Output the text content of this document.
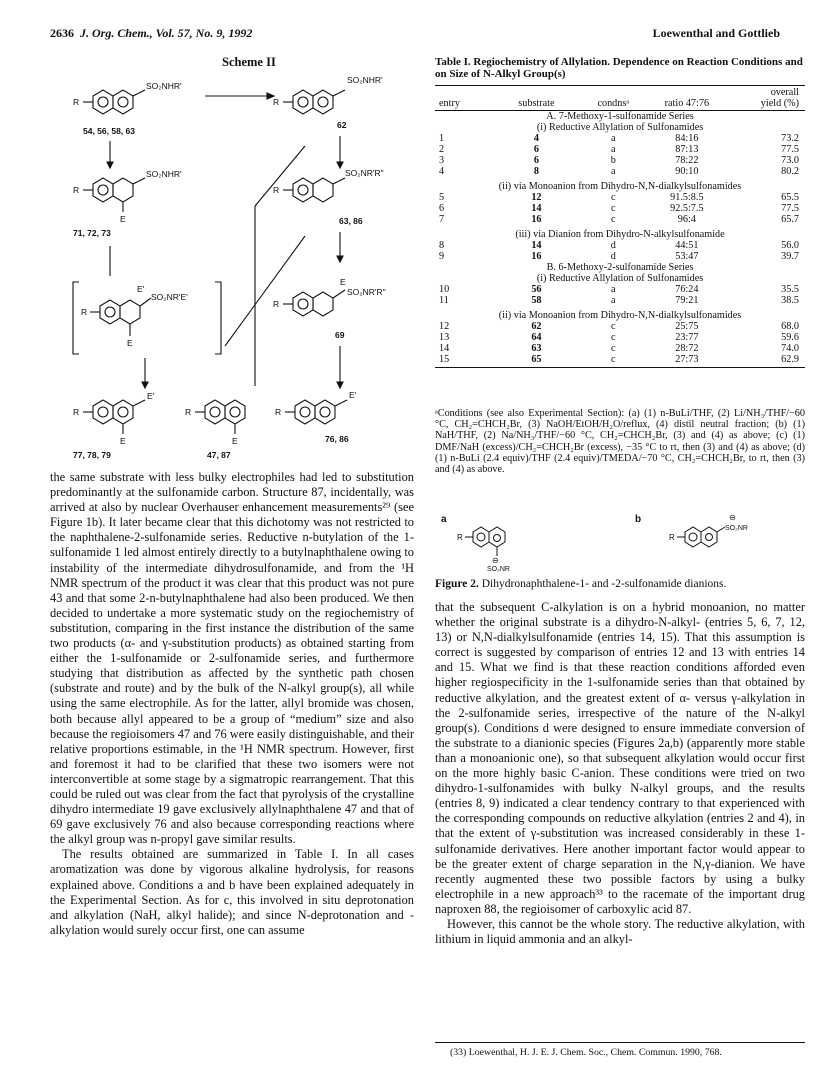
2636 J. Org. Chem., Vol. 57, No. 9, 1992	Loewenthal and Gottlieb
Scheme II
R
SO₂NHR'
54, 56, 58, 63
R
SO₂NHR'
62
R
SO₂NHR'
E
71, 72, 73
R
SO₂NR'R"
63, 86
R
E'
SO₂NR'E'
E
R
E
SO₂NR'R"
69
R
E'
E
77, 78, 79
R
E
47, 87
R
E'
76, 86

the same substrate with less bulky electrophiles had led to substitution predominantly at the sulfonamide carbon. Structure 87, incidentally, was arrived at also by nuclear Overhauser enhancement measurements²⁹ (see Figure 1b). It later became clear that this dichotomy was not restricted to the naphthalene-2-sulfonamide series. Reductive n-butylation of the 1-sulfonamide 1 led almost entirely directly to a butylnaphthalene owing to instability of the intermediate dihydrosulfonamide, and from the ¹H NMR spectrum of the product it was clear that this product was not pure 43 and that some 2-n-butylnaphthalene had also been produced. We then decided to undertake a more systematic study on the regiochemistry of substitution, comparing in the first instance the distribution of the same two products (α- and γ-substitution products) as obtained starting from either the 1-sulfonamide or 2-sulfonamide series, and furthermore studying that distribution as affected by the synthetic path chosen (substrate and route) and by the bulk of the N-alkyl group(s), all while using the same electrophile. As for the latter, allyl bromide was chosen, both because allyl appeared to be a group of “medium” size and also because the regioisomers 47 and 76 were easily distinguishable, and their relative proportions estimable, in the ¹H NMR spectrum. However, first and foremost it had to be clarified that these two isomers were not interconvertible at some stage by a sigmatropic rearrangement. That this could be ruled out was clear from the fact that pyrolysis of the crystalline dihydro intermediate 19 gave exclusively allylnaphthalene 47 and that of 69 gave exclusively 76 and also because corresponding reactions where the alkyl group was n-propyl gave similar results.

The results obtained are summarized in Table I. In all cases aromatization was done by vigorous alkaline hydrolysis, for reasons explained above. Conditions a and b have been explained adequately in the Experimental Section. As for c, this involved in situ deprotonation and alkylation (NaH, alkyl halide); and since N-deprotonation and -alkylation would surely occur first, one can assume

Table I. Regiochemistry of Allylation. Dependence on Reaction Conditions and on Size of N-Alkyl Group(s)
overall
entry	substrate	condnsᵃ	ratio 47:76	yield (%)
A. 7-Methoxy-1-sulfonamide Series				
(i) Reductive Allylation of Sulfonamides				
1	4	a	84:16	73.2
2	6	a	87:13	77.5
3	6	b	78:22	73.0
4	8	a	90:10	80.2
(ii) via Monoanion from Dihydro-N,N-dialkylsulfonamides				
5	12	c	91.5:8.5	65.5
6	14	c	92.5:7.5	77.5
7	16	c	96:4	65.7
(iii) via Dianion from Dihydro-N-alkylsulfonamide				
8	14	d	44:51	56.0
9	16	d	53:47	39.7
B. 6-Methoxy-2-sulfonamide Series				
(i) Reductive Allylation of Sulfonamides				
10	56	a	76:24	35.5
11	58	a	79:21	38.5
(ii) via Monoanion from Dihydro-N,N-dialkylsulfonamides				
12	62	c	25:75	68.0
13	64	c	23:77	59.6
14	63	c	28:72	74.0
15	65	c	27:73	62.9
ᵃConditions (see also Experimental Section): (a) (1) n-BuLi/THF, (2) Li/NH₃/THF/−60 °C, CH₂=CHCH₂Br, (3) NaOH/EtOH/H₂O/reflux, (4) distil neutral fraction; (b) (1) NaH/THF, (2) Na/NH₃/THF/−60 °C, CH₂=CHCH₂Br, (3) and (4) as above; (c) (1) DMF/NaH (excess)/CH₂=CHCH₂Br (excess), −35 °C to rt, then (3) and (4) as above; (d) (1) n-BuLi (2.4 equiv)/THF (2.4 equiv)/TMEDA/−70 °C, CH₂=CHCH₂Br, to rt, then (3) and (4) as above.
a
R
⊖
SO₂NR
b
R
⊖
SO₂NR
Figure 2. Dihydronaphthalene-1- and -2-sulfonamide dianions.

that the subsequent C-alkylation is on a hybrid monoanion, no matter whether the original substrate is a dihydro-N-alkyl- (entries 5, 6, 7, 12, 13) or N,N-dialkylsulfonamide (entries 14, 15). That this assumption is correct is suggested by comparison of entries 12 and 13 with entries 14 and 15. What we find is that these reaction conditions afforded even higher regiospecificity in the 1-sulfonamide series than that obtained by reductive alkylation, and the greatest extent of α- versus γ-alkylation in the 2-sulfonamide series, irrespective of the nature of the N-alkyl group(s). Conditions d were designed to ensure immediate conversion of the substrate to a dianionic species (Figures 2a,b) (apparently more stable than a monoanionic one), so that subsequent alkylation would occur first on the more highly basic C-anion. These conditions were tried on two dihydro-1-sulfonamides with bulky N-alkyl groups, and the results (entries 8, 9) indicated a clear tendency contrary to that experienced with the corresponding compounds on reductive alkylation (entries 2 and 4), in that the extent of γ-substitution was increased considerably in these 1-sulfonamide derivatives. Here another important factor would appear to be the greater extent of charge separation in the N,γ-dianion. We have recently augmented these two possible factors by using a bulky electrophile in a new approach³³ to the racemate of the important drug naproxen 88, the regioisomer of carboxylic acid 87.

However, this cannot be the whole story. The reductive alkylation, with lithium in liquid ammonia and an alkyl-

(33) Loewenthal, H. J. E. J. Chem. Soc., Chem. Commun. 1990, 768.
